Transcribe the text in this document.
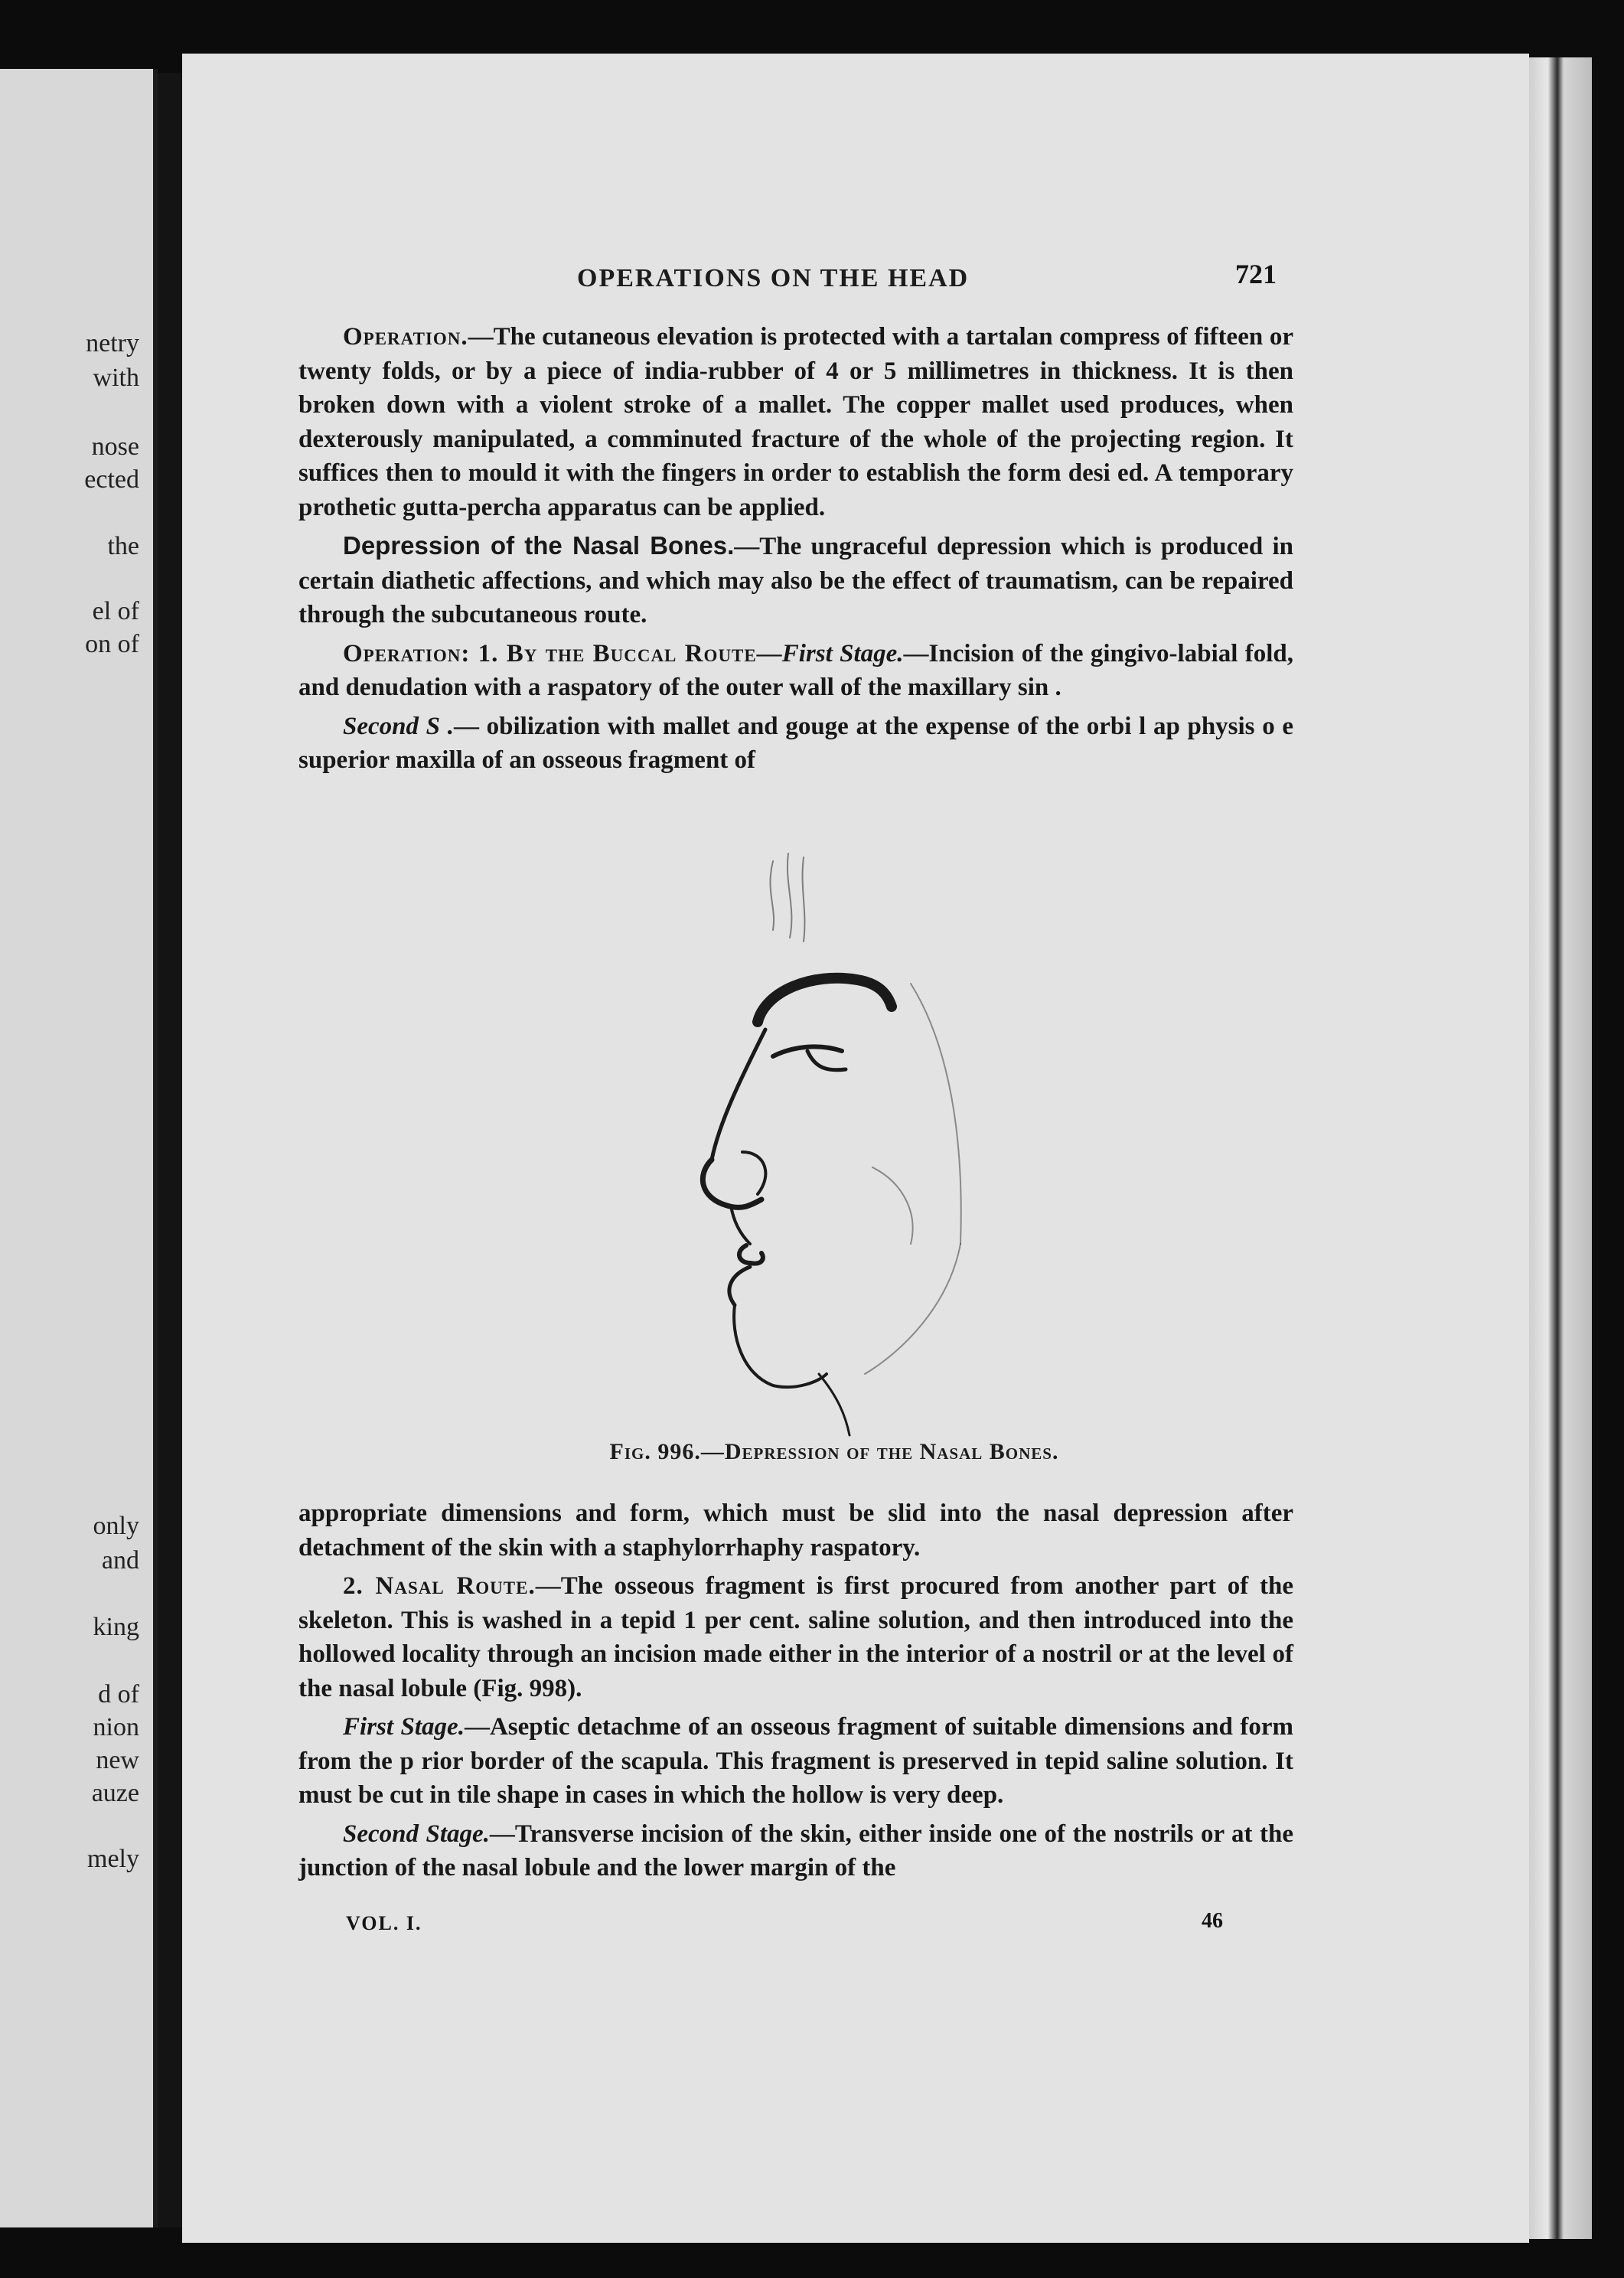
netry
with
nose
ected
the
el of
on of
only
and
king
d of
nion
new
auze
mely
OPERATIONS ON THE HEAD	721

Operation.—The cutaneous elevation is protected with a tartalan compress of fifteen or twenty folds, or by a piece of india-rubber of 4 or 5 millimetres in thickness. It is then broken down with a violent stroke of a mallet. The copper mallet used produces, when dexterously manipulated, a comminuted fracture of the whole of the projecting region. It suffices then to mould it with the fingers in order to establish the form desi ed. A temporary prothetic gutta-percha apparatus can be applied.

Depression of the Nasal Bones.—The ungraceful depression which is produced in certain diathetic affections, and which may also be the effect of traumatism, can be repaired through the subcutaneous route.

Operation: 1. By the Buccal Route—First Stage.—Incision of the gingivo-labial fold, and denudation with a raspatory of the outer wall of the maxillary sin .

Second S .— obilization with mallet and gouge at the expense of the orbi l ap physis o e superior maxilla of an osseous fragment of

Fig. 996.—Depression of the Nasal Bones.

appropriate dimensions and form, which must be slid into the nasal depression after detachment of the skin with a staphylorrhaphy raspatory.

2. Nasal Route.—The osseous fragment is first procured from another part of the skeleton. This is washed in a tepid 1 per cent. saline solution, and then introduced into the hollowed locality through an incision made either in the interior of a nostril or at the level of the nasal lobule (Fig. 998).

First Stage.—Aseptic detachme of an osseous fragment of suitable dimensions and form from the p rior border of the scapula. This fragment is preserved in tepid saline solution. It must be cut in tile shape in cases in which the hollow is very deep.

Second Stage.—Transverse incision of the skin, either inside one of the nostrils or at the junction of the nasal lobule and the lower margin of the

VOL. I.	46
